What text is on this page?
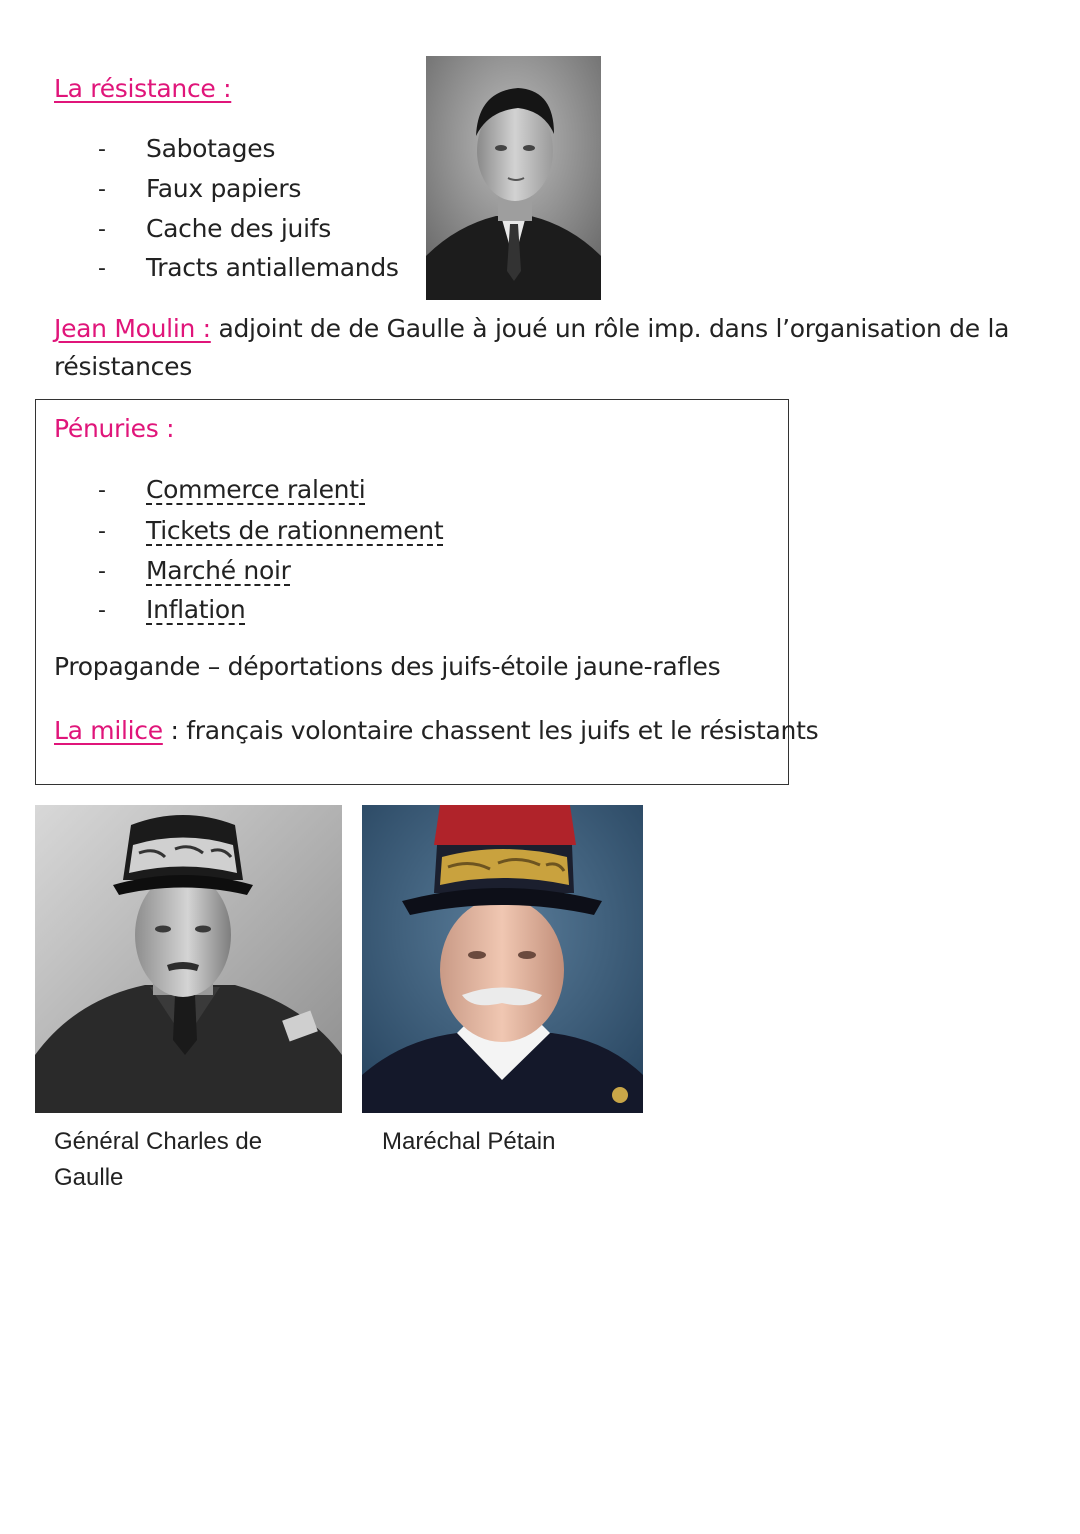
La résistance :
- Sabotages
- Faux papiers
- Cache des juifs
- Tracts antiallemands
Jean Moulin : adjoint de de Gaulle à joué un rôle imp. dans l’organisation de la
résistances
Pénuries :
- Commerce ralenti
- Tickets de rationnement
- Marché noir
- Inflation
Propagande – déportations des juifs-étoile jaune-rafles
La milice : français volontaire chassent les juifs et le résistants
Général Charles de
Gaulle
Maréchal Pétain
